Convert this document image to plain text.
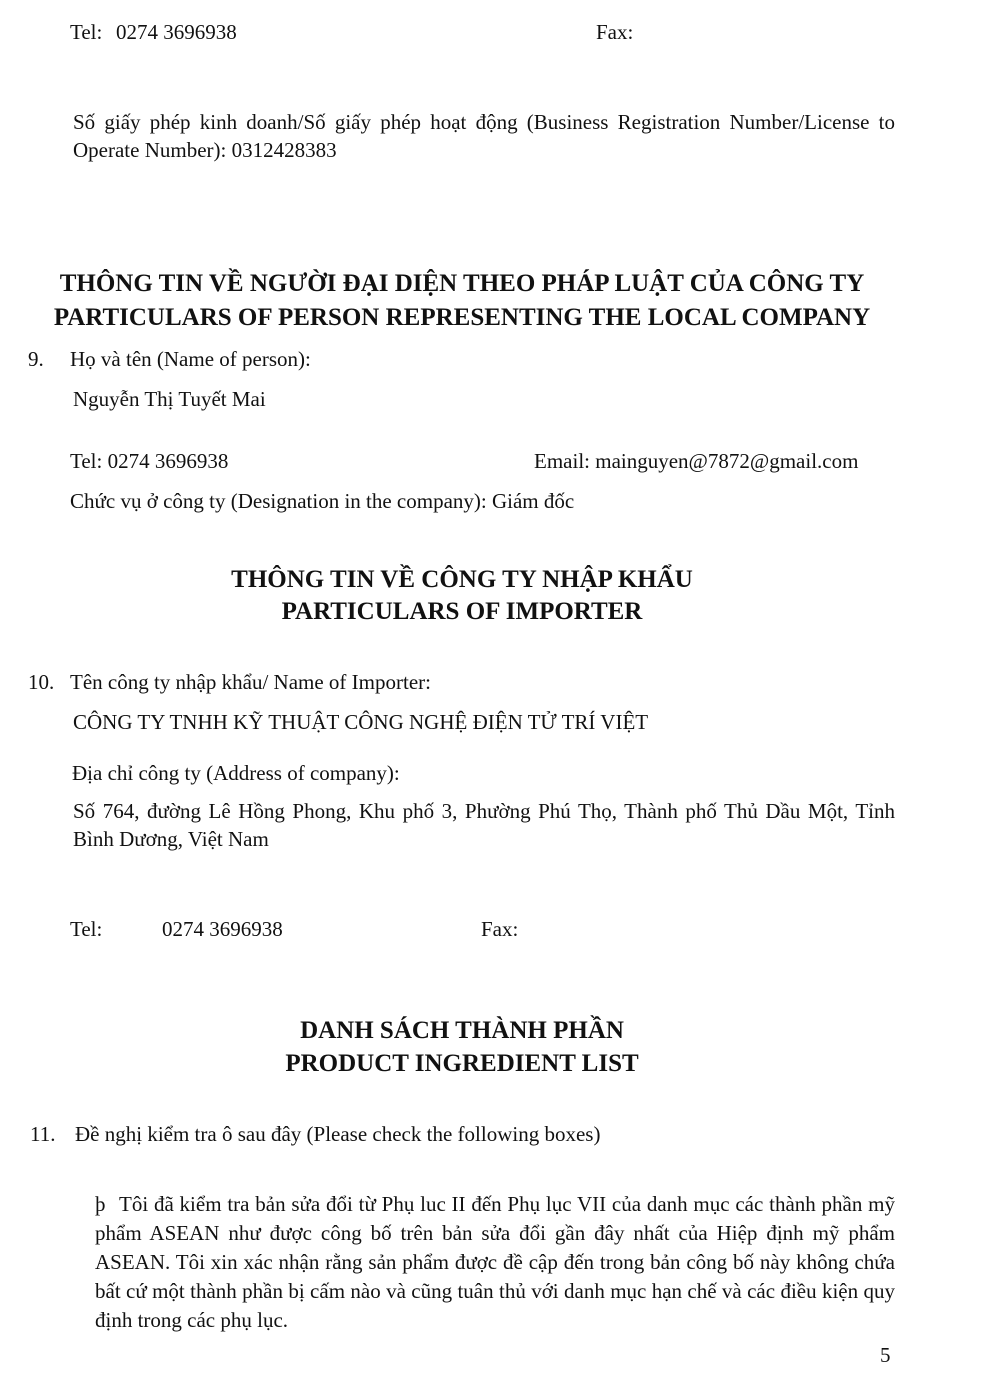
Tel: 0274 3696938	Fax:
Số giấy phép kinh doanh/Số giấy phép hoạt động (Business Registration Number/License to Operate Number): 0312428383
THÔNG TIN VỀ NGƯỜI ĐẠI DIỆN THEO PHÁP LUẬT CỦA CÔNG TY
PARTICULARS OF PERSON REPRESENTING THE LOCAL COMPANY
9. Họ và tên (Name of person):
Nguyễn Thị Tuyết Mai
Tel: 0274 3696938	Email: mainguyen@7872@gmail.com
Chức vụ ở công ty (Designation in the company): Giám đốc
THÔNG TIN VỀ CÔNG TY NHẬP KHẨU
PARTICULARS OF IMPORTER
10. Tên công ty nhập khẩu/ Name of Importer:
CÔNG TY TNHH KỸ THUẬT CÔNG NGHỆ ĐIỆN TỬ TRÍ VIỆT
Địa chỉ công ty (Address of company):
Số 764, đường Lê Hồng Phong, Khu phố 3, Phường Phú Thọ, Thành phố Thủ Dầu Một, Tỉnh Bình Dương, Việt Nam
Tel:	0274 3696938	Fax:
DANH SÁCH THÀNH PHẦN
PRODUCT INGREDIENT LIST
11. Đề nghị kiểm tra ô sau đây (Please check the following boxes)
þ Tôi đã kiểm tra bản sửa đổi từ Phụ luc II đến Phụ lục VII của danh mục các thành phần mỹ phẩm ASEAN như được công bố trên bản sửa đổi gần đây nhất của Hiệp định mỹ phẩm ASEAN. Tôi xin xác nhận rằng sản phẩm được đề cập đến trong bản công bố này không chứa bất cứ một thành phần bị cấm nào và cũng tuân thủ với danh mục hạn chế và các điều kiện quy định trong các phụ lục.
5
